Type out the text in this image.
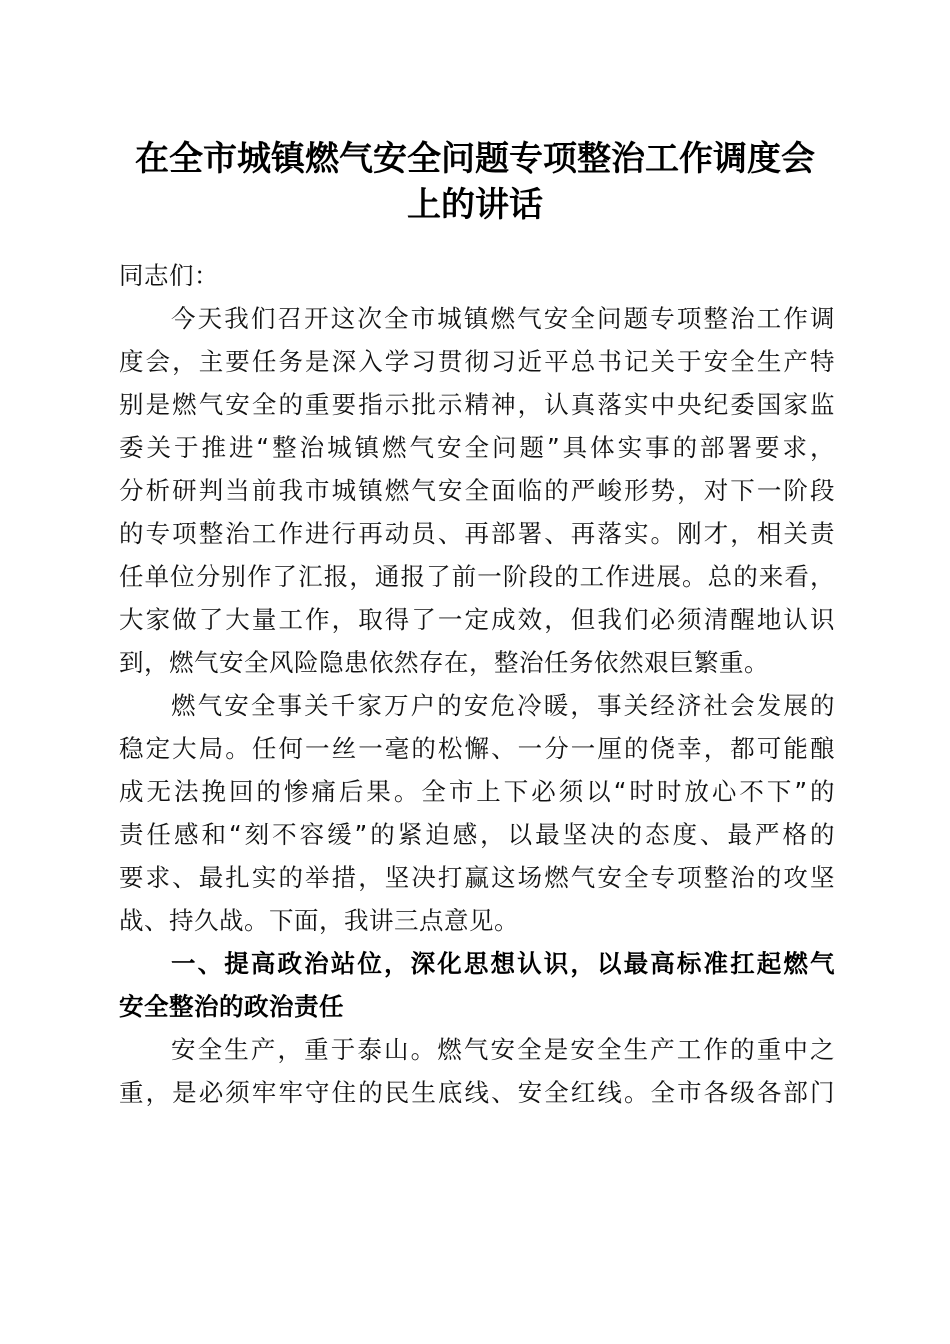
在全市城镇燃气安全问题专项整治工作调度会
上的讲话

同志们：

今天我们召开这次全市城镇燃气安全问题专项整治工作调
度会，主要任务是深入学习贯彻习近平总书记关于安全生产特
别是燃气安全的重要指示批示精神，认真落实中央纪委国家监
委关于推进“整治城镇燃气安全问题”具体实事的部署要求，
分析研判当前我市城镇燃气安全面临的严峻形势，对下一阶段
的专项整治工作进行再动员、再部署、再落实。刚才，相关责
任单位分别作了汇报，通报了前一阶段的工作进展。总的来看，
大家做了大量工作，取得了一定成效，但我们必须清醒地认识
到，燃气安全风险隐患依然存在，整治任务依然艰巨繁重。

燃气安全事关千家万户的安危冷暖，事关经济社会发展的
稳定大局。任何一丝一毫的松懈、一分一厘的侥幸，都可能酿
成无法挽回的惨痛后果。全市上下必须以“时时放心不下”的
责任感和“刻不容缓”的紧迫感，以最坚决的态度、最严格的
要求、最扎实的举措，坚决打赢这场燃气安全专项整治的攻坚
战、持久战。下面，我讲三点意见。

一、提高政治站位，深化思想认识，以最高标准扛起燃气
安全整治的政治责任

安全生产，重于泰山。燃气安全是安全生产工作的重中之
重，是必须牢牢守住的民生底线、安全红线。全市各级各部门
